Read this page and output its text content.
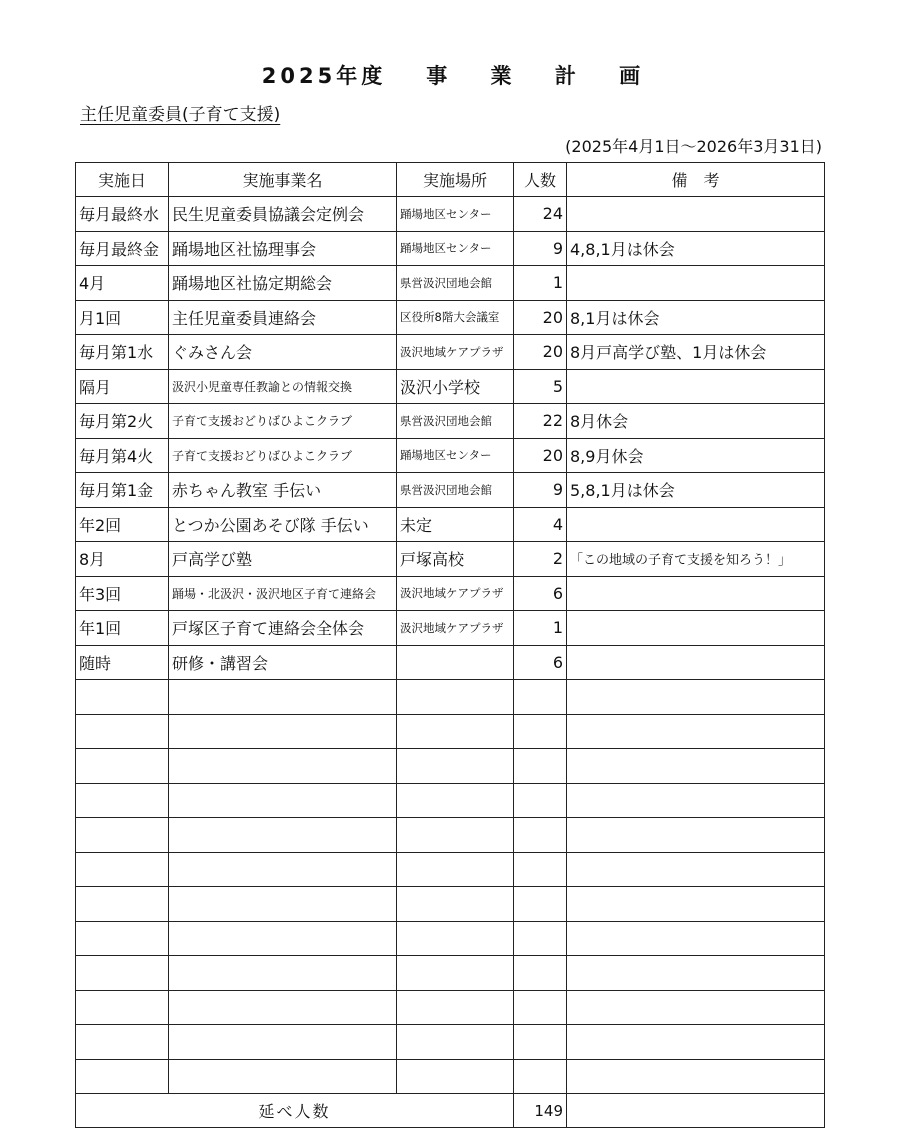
2025年度 事 業 計 画
主任児童委員(子育て支援)
(2025年4月1日～2026年3月31日)
実施日	実施事業名	実施場所	人数	備　考
毎月最終水	民生児童委員協議会定例会	踊場地区センター	24	
毎月最終金	踊場地区社協理事会	踊場地区センター	9	4,8,1月は休会
4月	踊場地区社協定期総会	県営汲沢団地会館	1	
月1回	主任児童委員連絡会	区役所8階大会議室	20	8,1月は休会
毎月第1水	ぐみさん会	汲沢地域ケアプラザ	20	8月戸高学び塾、1月は休会
隔月	汲沢小児童専任教諭との情報交換	汲沢小学校	5	
毎月第2火	子育て支援おどりばひよこクラブ	県営汲沢団地会館	22	8月休会
毎月第4火	子育て支援おどりばひよこクラブ	踊場地区センター	20	8,9月休会
毎月第1金	赤ちゃん教室 手伝い	県営汲沢団地会館	9	5,8,1月は休会
年2回	とつか公園あそび隊 手伝い	未定	4	
8月	戸高学び塾	戸塚高校	2	「この地域の子育て支援を知ろう！」
年3回	踊場・北汲沢・汲沢地区子育て連絡会	汲沢地域ケアプラザ	6	
年1回	戸塚区子育て連絡会全体会	汲沢地域ケアプラザ	1	
随時	研修・講習会		6	

延べ人数			149	
